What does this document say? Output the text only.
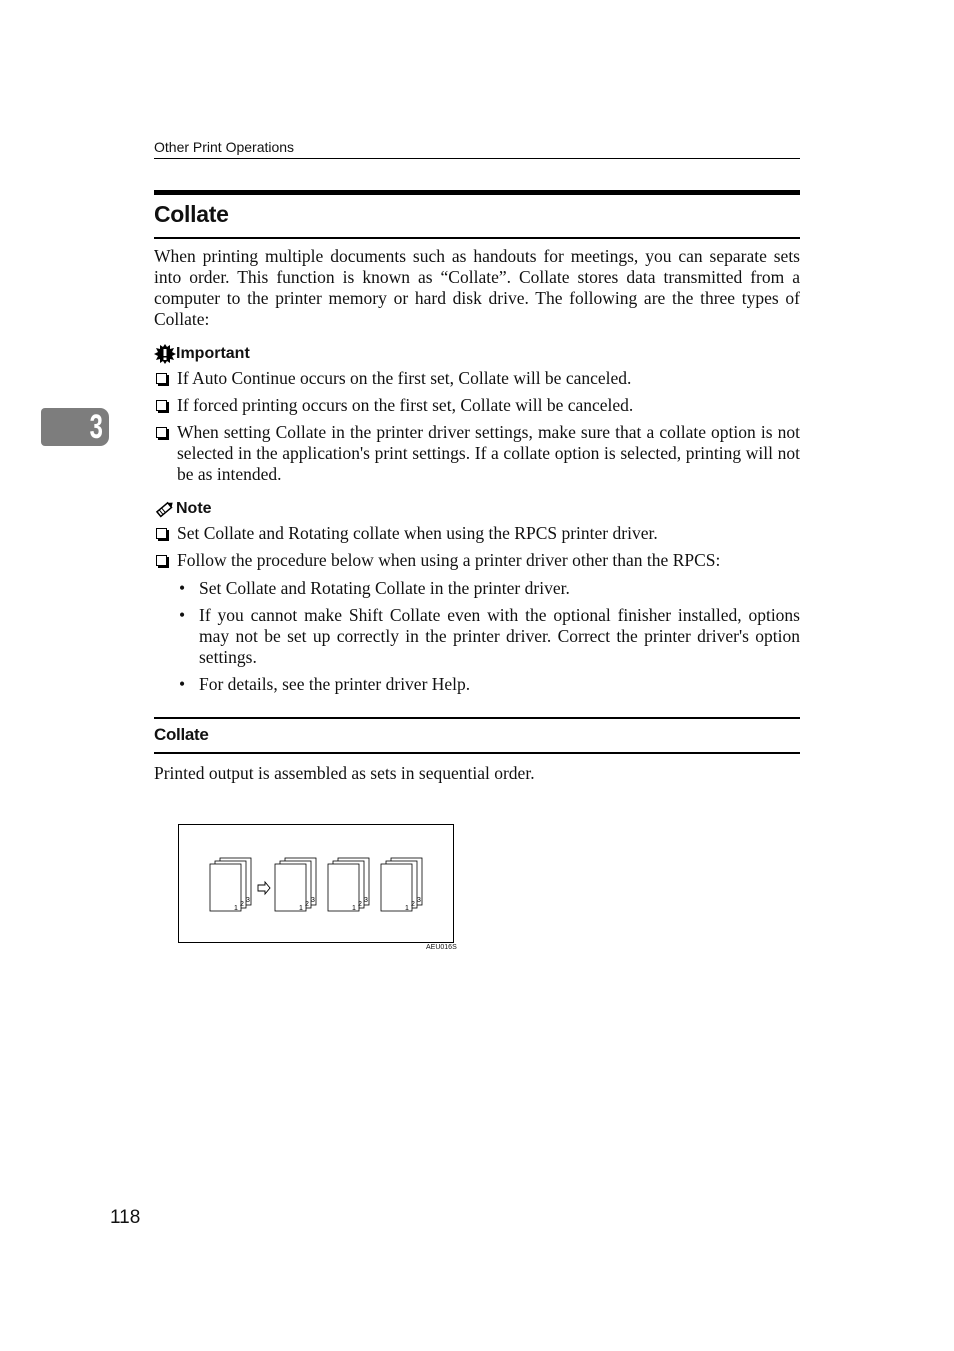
Other Print Operations
3
Collate
When printing multiple documents such as handouts for meetings, you can separate sets into order. This function is known as “Collate”. Collate stores data transmitted from a computer to the printer memory or hard disk drive. The following are the three types of Collate:
Important
If Auto Continue occurs on the first set, Collate will be canceled.
If forced printing occurs on the first set, Collate will be canceled.
When setting Collate in the printer driver settings, make sure that a collate option is not selected in the application's print settings. If a collate option is selected, printing will not be as intended.
Note
Set Collate and Rotating collate when using the RPCS printer driver.
Follow the procedure below when using a printer driver other than the RPCS:
• Set Collate and Rotating Collate in the printer driver.
• If you cannot make Shift Collate even with the optional finisher installed, options may not be set up correctly in the printer driver. Correct the printer driver's option settings.
• For details, see the printer driver Help.
Collate
Printed output is assembled as sets in sequential order.
1
2
3
1
2
3
1
2
3
1
2
3
AEU016S
118
